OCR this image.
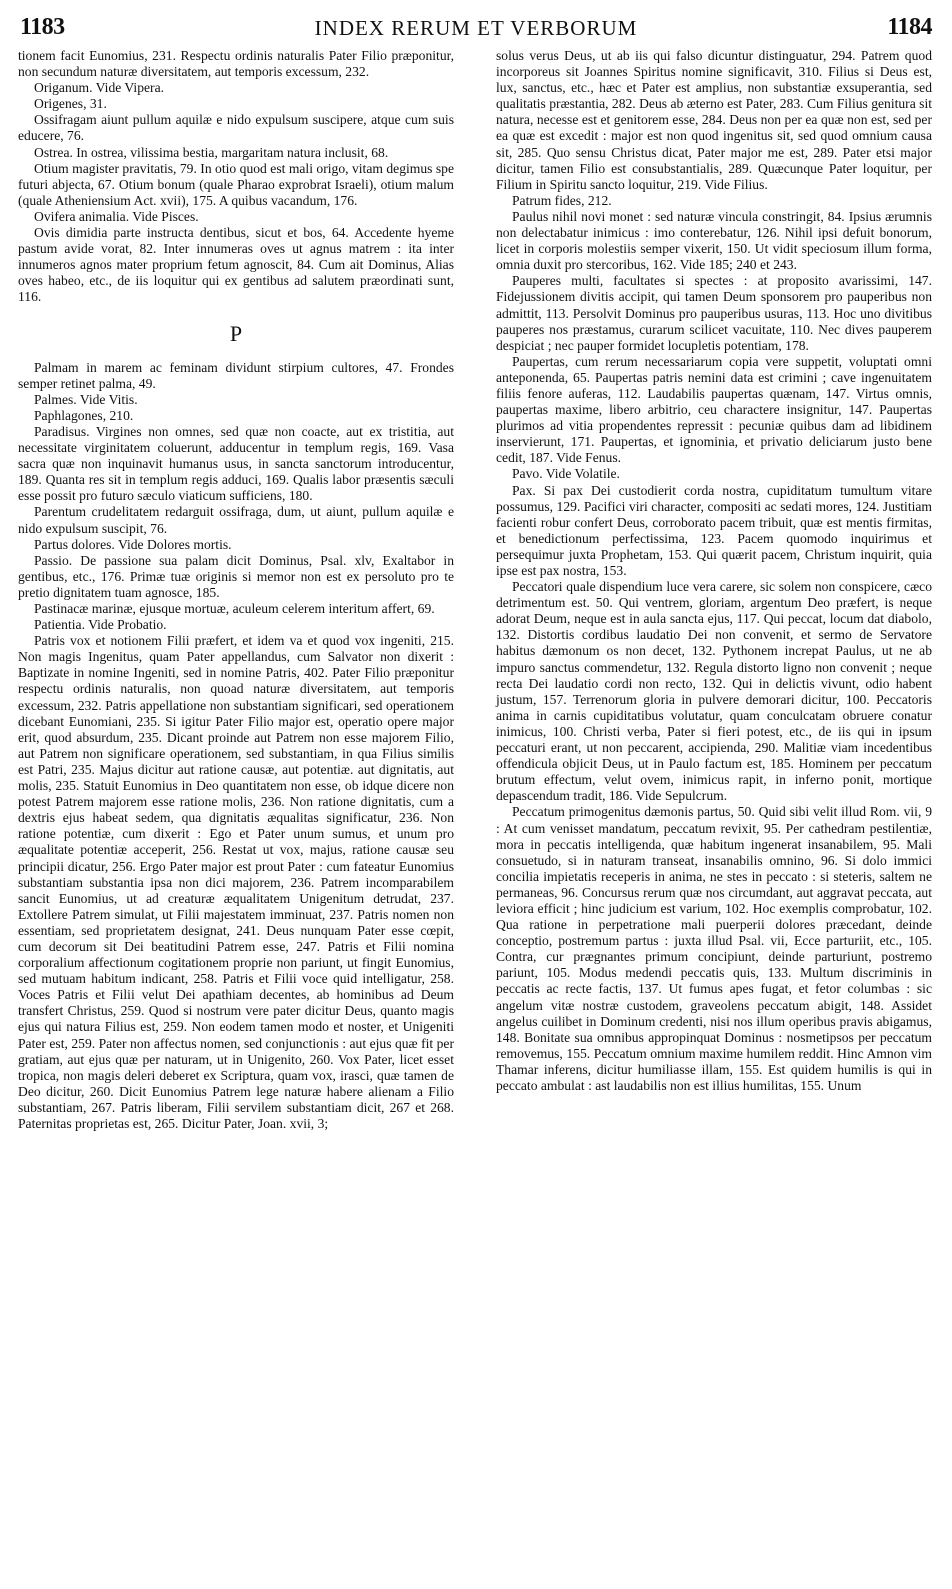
1183	INDEX RERUM ET VERBORUM	1184

tionem facit Eunomius, 231. Respectu ordinis naturalis Pater Filio præponitur, non secundum naturæ diversitatem, aut temporis excessum, 232.

Origanum. Vide Vipera.

Origenes, 31.

Ossifragam aiunt pullum aquilæ e nido expulsum suscipere, atque cum suis educere, 76.

Ostrea. In ostrea, vilissima bestia, margaritam natura inclusit, 68.

Otium magister pravitatis, 79. In otio quod est mali origo, vitam degimus spe futuri abjecta, 67. Otium bonum (quale Pharao exprobrat Israeli), otium malum (quale Atheniensium Act. xvii), 175. A quibus vacandum, 176.

Ovifera animalia. Vide Pisces.

Ovis dimidia parte instructa dentibus, sicut et bos, 64. Accedente hyeme pastum avide vorat, 82. Inter innumeras oves ut agnus matrem : ita inter innumeros agnos mater proprium fetum agnoscit, 84. Cum ait Dominus, Alias oves habeo, etc., de iis loquitur qui ex gentibus ad salutem præordinati sunt, 116.

P

Palmam in marem ac feminam dividunt stirpium cultores, 47. Frondes semper retinet palma, 49.

Palmes. Vide Vitis.

Paphlagones, 210.

Paradisus. Virgines non omnes, sed quæ non coacte, aut ex tristitia, aut necessitate virginitatem coluerunt, adducentur in templum regis, 169. Vasa sacra quæ non inquinavit humanus usus, in sancta sanctorum introducentur, 189. Quanta res sit in templum regis adduci, 169. Qualis labor præsentis sæculi esse possit pro futuro sæculo viaticum sufficiens, 180.

Parentum crudelitatem redarguit ossifraga, dum, ut aiunt, pullum aquilæ e nido expulsum suscipit, 76.

Partus dolores. Vide Dolores mortis.

Passio. De passione sua palam dicit Dominus, Psal. xlv, Exaltabor in gentibus, etc., 176. Primæ tuæ originis si memor non est ex persoluto pro te pretio dignitatem tuam agnosce, 185.

Pastinacæ marinæ, ejusque mortuæ, aculeum celerem interitum affert, 69.

Patientia. Vide Probatio.

Patris vox et notionem Filii præfert, et idem va et quod vox ingeniti, 215. Non magis Ingenitus, quam Pater appellandus, cum Salvator non dixerit : Baptizate in nomine Ingeniti, sed in nomine Patris, 402. Pater Filio præponitur respectu ordinis naturalis, non quoad naturæ diversitatem, aut temporis excessum, 232. Patris appellatione non substantiam significari, sed operationem dicebant Eunomiani, 235. Si igitur Pater Filio major est, operatio opere major erit, quod absurdum, 235. Dicant proinde aut Patrem non esse majorem Filio, aut Patrem non significare operationem, sed substantiam, in qua Filius similis est Patri, 235. Majus dicitur aut ratione causæ, aut potentiæ. aut dignitatis, aut molis, 235. Statuit Eunomius in Deo quantitatem non esse, ob idque dicere non potest Patrem majorem esse ratione molis, 236. Non ratione dignitatis, cum a dextris ejus habeat sedem, qua dignitatis æqualitas significatur, 236. Non ratione potentiæ, cum dixerit : Ego et Pater unum sumus, et unum pro æqualitate potentiæ acceperit, 256. Restat ut vox, majus, ratione causæ seu principii dicatur, 256. Ergo Pater major est prout Pater : cum fateatur Eunomius substantiam substantia ipsa non dici majorem, 236. Patrem incomparabilem sancit Eunomius, ut ad creaturæ æqualitatem Unigenitum detrudat, 237. Extollere Patrem simulat, ut Filii majestatem imminuat, 237. Patris nomen non essentiam, sed proprietatem designat, 241. Deus nunquam Pater esse cœpit, cum decorum sit Dei beatitudini Patrem esse, 247. Patris et Filii nomina corporalium affectionum cogitationem proprie non pariunt, ut fingit Eunomius, sed mutuam habitum indicant, 258. Patris et Filii voce quid intelligatur, 258. Voces Patris et Filii velut Dei apathiam decentes, ab hominibus ad Deum transfert Christus, 259. Quod si nostrum vere pater dicitur Deus, quanto magis ejus qui natura Filius est, 259. Non eodem tamen modo et noster, et Unigeniti Pater est, 259. Pater non affectus nomen, sed conjunctionis : aut ejus quæ fit per gratiam, aut ejus quæ per naturam, ut in Unigenito, 260. Vox Pater, licet esset tropica, non magis deleri deberet ex Scriptura, quam vox, irasci, quæ tamen de Deo dicitur, 260. Dicit Eunomius Patrem lege naturæ habere alienam a Filio substantiam, 267. Patris liberam, Filii servilem substantiam dicit, 267 et 268. Paternitas proprietas est, 265. Dicitur Pater, Joan. xvii, 3;

solus verus Deus, ut ab iis qui falso dicuntur distinguatur, 294. Patrem quod incorporeus sit Joannes Spiritus nomine significavit, 310. Filius si Deus est, lux, sanctus, etc., hæc et Pater est amplius, non substantiæ exsuperantia, sed qualitatis præstantia, 282. Deus ab æterno est Pater, 283. Cum Filius genitura sit natura, necesse est et genitorem esse, 284. Deus non per ea quæ non est, sed per ea quæ est excedit : major est non quod ingenitus sit, sed quod omnium causa sit, 285. Quo sensu Christus dicat, Pater major me est, 289. Pater etsi major dicitur, tamen Filio est consubstantialis, 289. Quæcunque Pater loquitur, per Filium in Spiritu sancto loquitur, 219. Vide Filius.

Patrum fides, 212.

Paulus nihil novi monet : sed naturæ vincula constringit, 84. Ipsius ærumnis non delectabatur inimicus : imo conterebatur, 126. Nihil ipsi defuit bonorum, licet in corporis molestiis semper vixerit, 150. Ut vidit speciosum illum forma, omnia duxit pro stercoribus, 162. Vide 185; 240 et 243.

Pauperes multi, facultates si spectes : at proposito avarissimi, 147. Fidejussionem divitis accipit, qui tamen Deum sponsorem pro pauperibus non admittit, 113. Persolvit Dominus pro pauperibus usuras, 113. Hoc uno divitibus pauperes nos præstamus, curarum scilicet vacuitate, 110. Nec dives pauperem despiciat ; nec pauper formidet locupletis potentiam, 178.

Paupertas, cum rerum necessariarum copia vere suppetit, voluptati omni anteponenda, 65. Paupertas patris nemini data est crimini ; cave ingenuitatem filiis fenore auferas, 112. Laudabilis paupertas quænam, 147. Virtus omnis, paupertas maxime, libero arbitrio, ceu charactere insignitur, 147. Paupertas plurimos ad vitia propendentes repressit : pecuniæ quibus dam ad libidinem inservierunt, 171. Paupertas, et ignominia, et privatio deliciarum justo bene cedit, 187. Vide Fenus.

Pavo. Vide Volatile.

Pax. Si pax Dei custodierit corda nostra, cupiditatum tumultum vitare possumus, 129. Pacifici viri character, compositi ac sedati mores, 124. Justitiam facienti robur confert Deus, corroborato pacem tribuit, quæ est mentis firmitas, et benedictionum perfectissima, 123. Pacem quomodo inquirimus et persequimur juxta Prophetam, 153. Qui quærit pacem, Christum inquirit, quia ipse est pax nostra, 153.

Peccatori quale dispendium luce vera carere, sic solem non conspicere, cæco detrimentum est. 50. Qui ventrem, gloriam, argentum Deo præfert, is neque adorat Deum, neque est in aula sancta ejus, 117. Qui peccat, locum dat diabolo, 132. Distortis cordibus laudatio Dei non convenit, et sermo de Servatore habitus dæmonum os non decet, 132. Pythonem increpat Paulus, ut ne ab impuro sanctus commendetur, 132. Regula distorto ligno non convenit ; neque recta Dei laudatio cordi non recto, 132. Qui in delictis vivunt, odio habent justum, 157. Terrenorum gloria in pulvere demorari dicitur, 100. Peccatoris anima in carnis cupiditatibus volutatur, quam conculcatam obruere conatur inimicus, 100. Christi verba, Pater si fieri potest, etc., de iis qui in ipsum peccaturi erant, ut non peccarent, accipienda, 290. Malitiæ viam incedentibus offendicula objicit Deus, ut in Paulo factum est, 185. Hominem per peccatum brutum effectum, velut ovem, inimicus rapit, in inferno ponit, mortique depascendum tradit, 186. Vide Sepulcrum.

Peccatum primogenitus dæmonis partus, 50. Quid sibi velit illud Rom. vii, 9 : At cum venisset mandatum, peccatum revixit, 95. Per cathedram pestilentiæ, mora in peccatis intelligenda, quæ habitum ingenerat insanabilem, 95. Mali consuetudo, si in naturam transeat, insanabilis omnino, 96. Si dolo immici concilia impietatis receperis in anima, ne stes in peccato : si steteris, saltem ne permaneas, 96. Concursus rerum quæ nos circumdant, aut aggravat peccata, aut leviora efficit ; hinc judicium est varium, 102. Hoc exemplis comprobatur, 102. Qua ratione in perpetratione mali puerperii dolores præcedant, deinde conceptio, postremum partus : juxta illud Psal. vii, Ecce parturiit, etc., 105. Contra, cur prægnantes primum concipiunt, deinde parturiunt, postremo pariunt, 105. Modus medendi peccatis quis, 133. Multum discriminis in peccatis ac recte factis, 137. Ut fumus apes fugat, et fetor columbas : sic angelum vitæ nostræ custodem, graveolens peccatum abigit, 148. Assidet angelus cuilibet in Dominum credenti, nisi nos illum operibus pravis abigamus, 148. Bonitate sua omnibus appropinquat Dominus : nosmetipsos per peccatum removemus, 155. Peccatum omnium maxime humilem reddit. Hinc Amnon vim Thamar inferens, dicitur humiliasse illam, 155. Est quidem humilis is qui in peccato ambulat : ast laudabilis non est illius humilitas, 155. Unum
